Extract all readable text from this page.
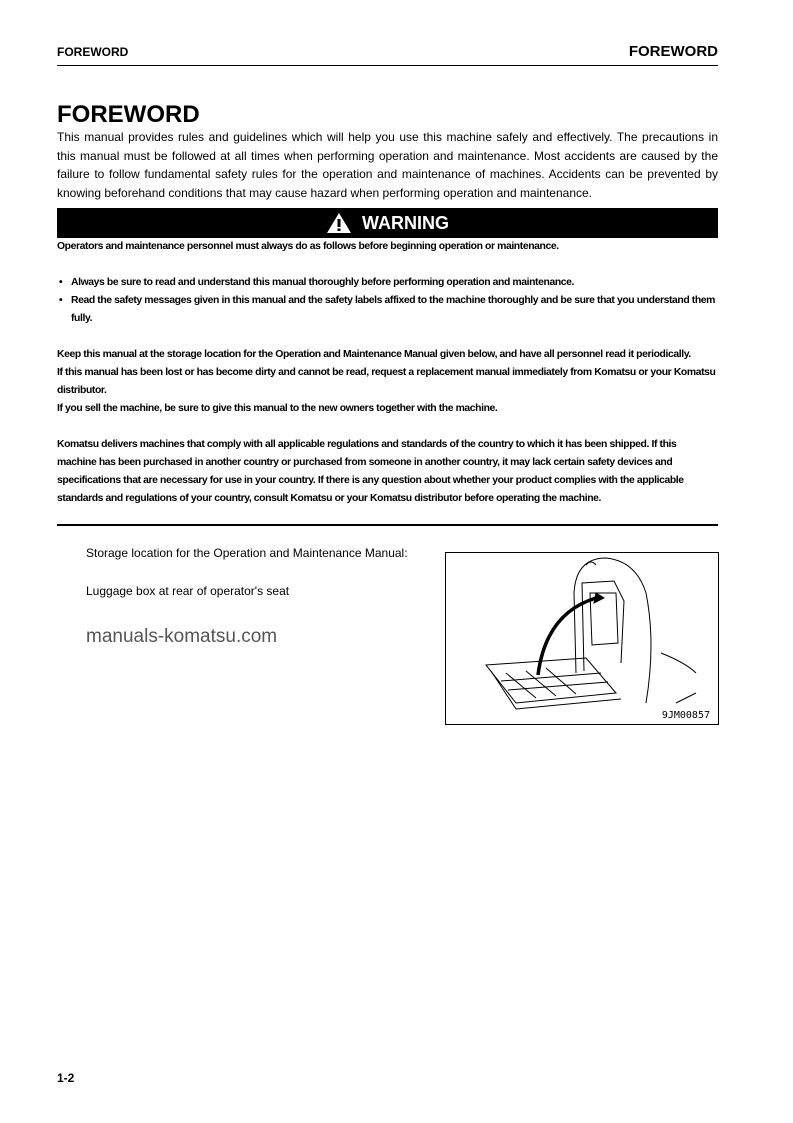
FOREWORD	FOREWORD
FOREWORD
This manual provides rules and guidelines which will help you use this machine safely and effectively. The precautions in this manual must be followed at all times when performing operation and maintenance. Most accidents are caused by the failure to follow fundamental safety rules for the operation and maintenance of machines. Accidents can be prevented by knowing beforehand conditions that may cause hazard when performing operation and maintenance.
WARNING
Operators and maintenance personnel must always do as follows before beginning operation or maintenance.
• Always be sure to read and understand this manual thoroughly before performing operation and maintenance.
• Read the safety messages given in this manual and the safety labels affixed to the machine thoroughly and be sure that you understand them fully.
Keep this manual at the storage location for the Operation and Maintenance Manual given below, and have all personnel read it periodically.
If this manual has been lost or has become dirty and cannot be read, request a replacement manual immediately from Komatsu or your Komatsu distributor.
If you sell the machine, be sure to give this manual to the new owners together with the machine.
Komatsu delivers machines that comply with all applicable regulations and standards of the country to which it has been shipped. If this machine has been purchased in another country or purchased from someone in another country, it may lack certain safety devices and specifications that are necessary for use in your country. If there is any question about whether your product complies with the applicable standards and regulations of your country, consult Komatsu or your Komatsu distributor before operating the machine.
Storage location for the Operation and Maintenance Manual:
Luggage box at rear of operator's seat
manuals-komatsu.com
9JM00857
1-2
